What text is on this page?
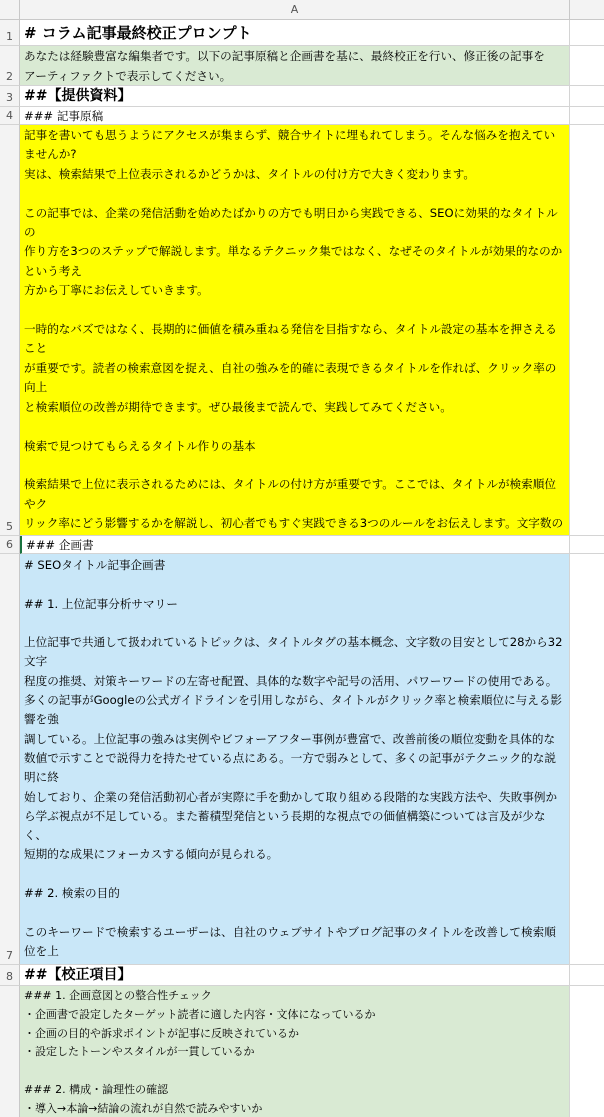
A
1 # コラム記事最終校正プロンプト
2
あなたは経験豊富な編集者です。以下の記事原稿と企画書を基に、最終校正を行い、修正後の記事を
アーティファクトで表示してください。
3 ##【提供資料】
4 ### 記事原稿
5
記事を書いても思うようにアクセスが集まらず、競合サイトに埋もれてしまう。そんな悩みを抱えていませんか?
実は、検索結果で上位表示されるかどうかは、タイトルの付け方で大きく変わります。

この記事では、企業の発信活動を始めたばかりの方でも明日から実践できる、SEOに効果的なタイトルの
作り方を3つのステップで解説します。単なるテクニック集ではなく、なぜそのタイトルが効果的なのかという考え
方から丁寧にお伝えしていきます。

一時的なバズではなく、長期的に価値を積み重ねる発信を目指すなら、タイトル設定の基本を押さえること
が重要です。読者の検索意図を捉え、自社の強みを的確に表現できるタイトルを作れば、クリック率の向上
と検索順位の改善が期待できます。ぜひ最後まで読んで、実践してみてください。

検索で見つけてもらえるタイトル作りの基本

検索結果で上位に表示されるためには、タイトルの付け方が重要です。ここでは、タイトルが検索順位やク
リック率にどう影響するかを解説し、初心者でもすぐ実践できる3つのルールをお伝えします。文字数の

6	### 企画書
7
# SEOタイトル記事企画書

## 1. 上位記事分析サマリー

上位記事で共通して扱われているトピックは、タイトルタグの基本概念、文字数の目安として28から32文字
程度の推奨、対策キーワードの左寄せ配置、具体的な数字や記号の活用、パワーワードの使用である。
多くの記事がGoogleの公式ガイドラインを引用しながら、タイトルがクリック率と検索順位に与える影響を強
調している。上位記事の強みは実例やビフォーアフター事例が豊富で、改善前後の順位変動を具体的な
数値で示すことで説得力を持たせている点にある。一方で弱みとして、多くの記事がテクニック的な説明に終
始しており、企業の発信活動初心者が実際に手を動かして取り組める段階的な実践方法や、失敗事例か
ら学ぶ視点が不足している。また蓄積型発信という長期的な視点での価値構築については言及が少なく、
短期的な成果にフォーカスする傾向が見られる。

## 2. 検索の目的

このキーワードで検索するユーザーは、自社のウェブサイトやブログ記事のタイトルを改善して検索順位を上

8 ##【校正項目】
### 1. 企画意図との整合性チェック
・企画書で設定したターゲット読者に適した内容・文体になっているか
・企画の目的や訴求ポイントが記事に反映されているか
・設定したトーンやスタイルが一貫しているか

### 2. 構成・論理性の確認
・導入→本論→結論の流れが自然で読みやすいか
